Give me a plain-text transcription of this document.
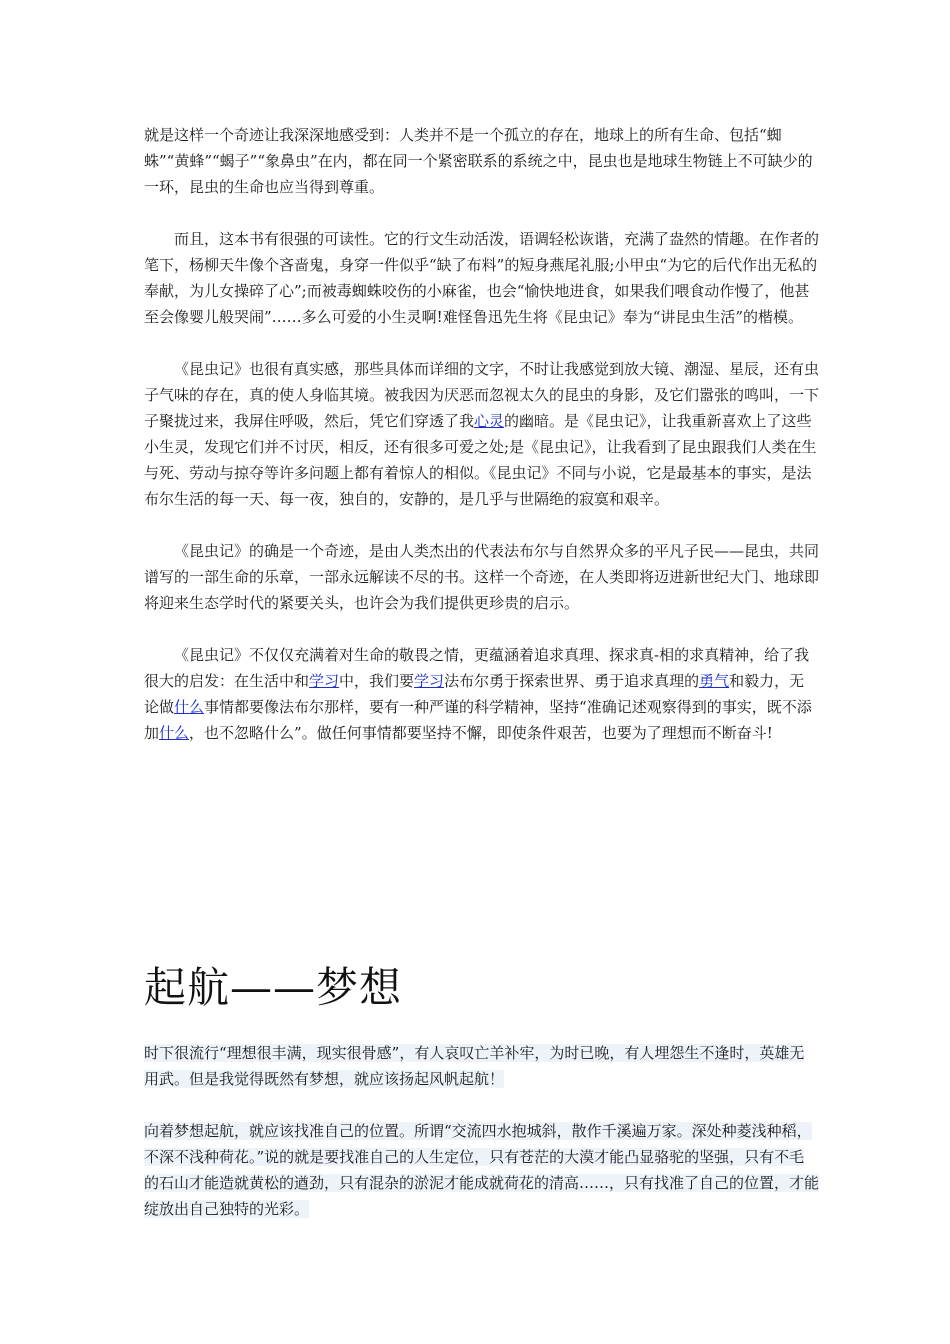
就是这样一个奇迹让我深深地感受到：人类并不是一个孤立的存在，地球上的所有生命、包括“蜘蛛”“黄蜂”“蝎子”“象鼻虫”在内，都在同一个紧密联系的系统之中，昆虫也是地球生物链上不可缺少的一环，昆虫的生命也应当得到尊重。

而且，这本书有很强的可读性。它的行文生动活泼，语调轻松诙谐，充满了盎然的情趣。在作者的笔下，杨柳天牛像个吝啬鬼，身穿一件似乎“缺了布料”的短身燕尾礼服;小甲虫“为它的后代作出无私的奉献，为儿女操碎了心”;而被毒蜘蛛咬伤的小麻雀，也会“愉快地进食，如果我们喂食动作慢了，他甚至会像婴儿般哭闹”……多么可爱的小生灵啊!难怪鲁迅先生将《昆虫记》奉为“讲昆虫生活”的楷模。

《昆虫记》也很有真实感，那些具体而详细的文字，不时让我感觉到放大镜、潮湿、星辰，还有虫子气味的存在，真的使人身临其境。被我因为厌恶而忽视太久的昆虫的身影，及它们嚣张的鸣叫，一下子聚拢过来，我屏住呼吸，然后，凭它们穿透了我心灵的幽暗。是《昆虫记》，让我重新喜欢上了这些小生灵，发现它们并不讨厌，相反，还有很多可爱之处;是《昆虫记》，让我看到了昆虫跟我们人类在生与死、劳动与掠夺等许多问题上都有着惊人的相似。《昆虫记》不同与小说，它是最基本的事实，是法布尔生活的每一天、每一夜，独自的，安静的，是几乎与世隔绝的寂寞和艰辛。

《昆虫记》的确是一个奇迹，是由人类杰出的代表法布尔与自然界众多的平凡子民——昆虫，共同谱写的一部生命的乐章，一部永远解读不尽的书。这样一个奇迹，在人类即将迈进新世纪大门、地球即将迎来生态学时代的紧要关头，也许会为我们提供更珍贵的启示。

《昆虫记》不仅仅充满着对生命的敬畏之情，更蕴涵着追求真理、探求真-相的求真精神，给了我很大的启发：在生活中和学习中，我们要学习法布尔勇于探索世界、勇于追求真理的勇气和毅力，无论做什么事情都要像法布尔那样，要有一种严谨的科学精神，坚持“准确记述观察得到的事实，既不添加什么，也不忽略什么”。做任何事情都要坚持不懈，即使条件艰苦，也要为了理想而不断奋斗!

起航——梦想

时下很流行“理想很丰满，现实很骨感”，有人哀叹亡羊补牢，为时已晚，有人埋怨生不逢时，英雄无用武。但是我觉得既然有梦想，就应该扬起风帆起航！

向着梦想起航，就应该找准自己的位置。所谓“交流四水抱城斜，散作千溪遍万家。深处种菱浅种稻，不深不浅种荷花。”说的就是要找准自己的人生定位，只有苍茫的大漠才能凸显骆驼的坚强，只有不毛的石山才能造就黄松的遒劲，只有混杂的淤泥才能成就荷花的清高……，只有找准了自己的位置，才能绽放出自己独特的光彩。
